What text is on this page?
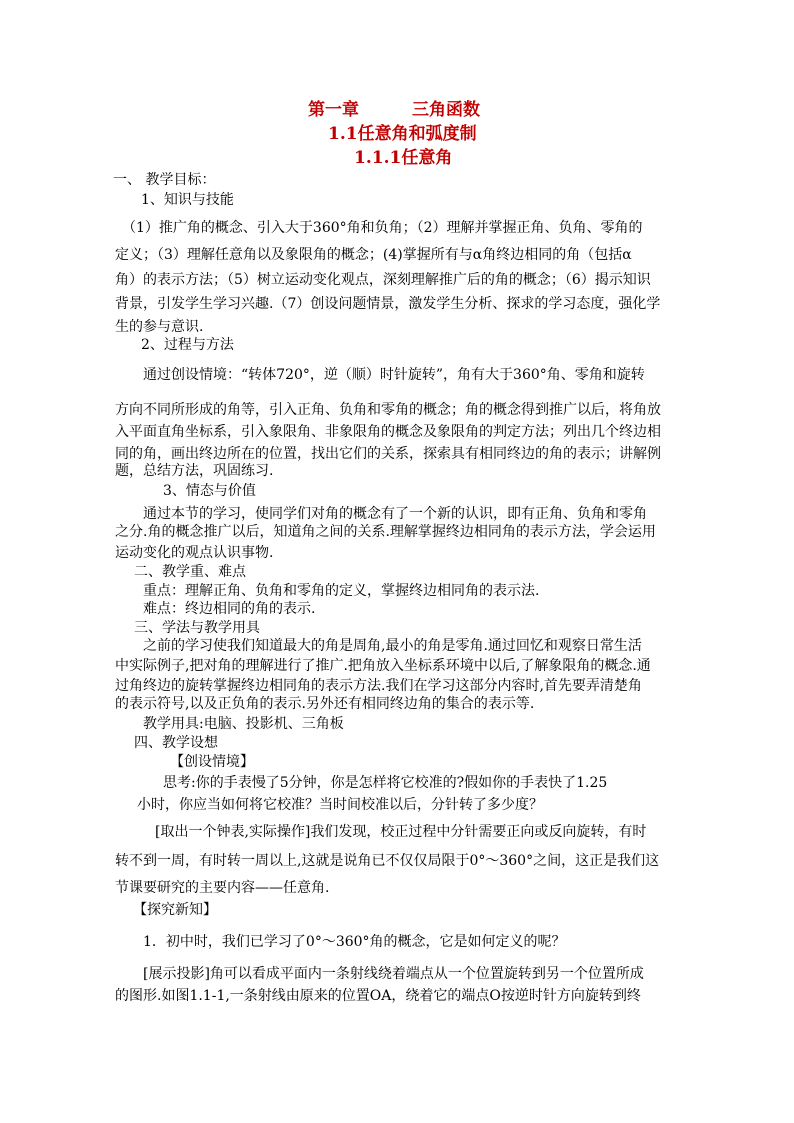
第一章	三角函数
1.1任意角和弧度制
1.1.1任意角
一、 教学目标：
1、知识与技能
（1）推广角的概念、引入大于360°角和负角；（2）理解并掌握正角、负角、零角的
定义；（3）理解任意角以及象限角的概念；(4)掌握所有与α角终边相同的角（包括α
角）的表示方法；（5）树立运动变化观点，深刻理解推广后的角的概念；（6）揭示知识
背景，引发学生学习兴趣.（7）创设问题情景，激发学生分析、探求的学习态度，强化学
生的参与意识.
2、过程与方法
通过创设情境：“转体720°，逆（顺）时针旋转”，角有大于360°角、零角和旋转
方向不同所形成的角等，引入正角、负角和零角的概念；角的概念得到推广以后，将角放
入平面直角坐标系，引入象限角、非象限角的概念及象限角的判定方法；列出几个终边相
同的角，画出终边所在的位置，找出它们的关系，探索具有相同终边的角的表示；讲解例
题，总结方法，巩固练习.
3、情态与价值
通过本节的学习，使同学们对角的概念有了一个新的认识，即有正角、负角和零角
之分.角的概念推广以后，知道角之间的关系.理解掌握终边相同角的表示方法，学会运用
运动变化的观点认识事物.
二、教学重、难点
重点：理解正角、负角和零角的定义，掌握终边相同角的表示法.
难点：终边相同的角的表示.
三、学法与教学用具
之前的学习使我们知道最大的角是周角,最小的角是零角.通过回忆和观察日常生活
中实际例子,把对角的理解进行了推广.把角放入坐标系环境中以后,了解象限角的概念.通
过角终边的旋转掌握终边相同角的表示方法.我们在学习这部分内容时,首先要弄清楚角
的表示符号,以及正负角的表示.另外还有相同终边角的集合的表示等.
教学用具:电脑、投影机、三角板
四、教学设想
【创设情境】
思考:你的手表慢了5分钟，你是怎样将它校准的?假如你的手表快了1.25
小时，你应当如何将它校准？当时间校准以后，分针转了多少度？
[取出一个钟表,实际操作]我们发现，校正过程中分针需要正向或反向旋转，有时
转不到一周，有时转一周以上,这就是说角已不仅仅局限于0°～360°之间，这正是我们这
节课要研究的主要内容——任意角.
【探究新知】
1．初中时，我们已学习了0°～360°角的概念，它是如何定义的呢？
[展示投影]角可以看成平面内一条射线绕着端点从一个位置旋转到另一个位置所成
的图形.如图1.1-1,一条射线由原来的位置OA，绕着它的端点O按逆时针方向旋转到终
